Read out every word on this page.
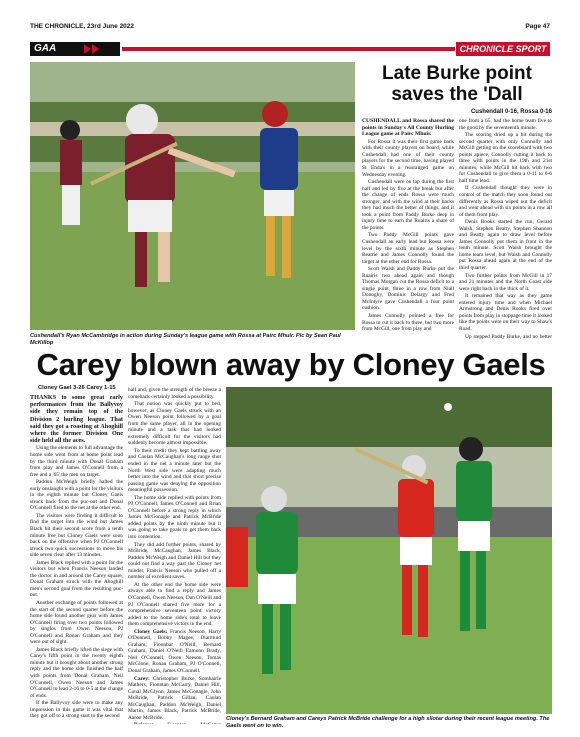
THE CHRONICLE, 23rd June 2022	Page 47
GAA	CHRONICLE SPORT
Cushendall's Ryan McCambridge in action during Sunday's league game with Rossa at Pairc Mhuir. Pic by Sean Paul McKillop
Late Burke point saves the 'Dall
Cushendall 0-16, Rossa 0-16

CUSHENDALL and Rossa shared the points in Sunday's All County Hurling League game at Pairc Mhuir.

For Rossa it was their first game back with their county players on board, while Cushendall had one of their county players for the second time, having played St Enda's in a rearranged game on Wednesday evening.

Cushendall were on top during the first half and led by five at the break but after the change of ends Rossa were much stronger, and with the wind at their backs they had much the better of things, and it took a point from Paddy Burke deep in injury time to earn the Ruairis a share of the points.

Two Paddy McGill points gave Cushendall an early lead but Rossa were level by the sixth minute as Stephen Beatrie and James Connolly found the target at the other end for Rossa.

Scott Walsh and Paddy Burke put the Ruairis two ahead again and though Thomas Morgan cut the Rossa deficit to a single point, three in a row from Niall Donoghy, Dominic Delargy and Fred McIntyre gave Cushendall a four point cushion.

James Connolly pointed a free for Rossa to cut it back to three, but two more from McGill, one from play and

one from a 65, had the home team five to the good by the seventeenth minute.

The scoring dried up a bit during the second quarter with only Connolly and McGill getting on the scoreboard with two points apiece, Connolly cutting it back to three with points in the 19th and 21st minutes, while McGill hit back with two for Cushendall to give them a 0-11 to 0-6 half time lead.

If Cushendall thought they were in control of the match they soon found out differently as Rossa wiped out the deficit and went ahead with six points in a row all of them from play.

Denis Rooks started the run, Gerard Walsh, Stephen Beatty, Stephen Shannon and Beatty again to draw level before James Connolly put them in front in the tenth minute. Scott Walsh brought the home team level, but Walsh and Connolly put Rossa ahead again at the end of the third quarter.

Two further points from McGill in 17 and 21 minutes and the North Coast side were right back in the thick of it.

It remained that way as they game entered injury time and when Michael Armstrong and Denis Rooks fired over points from play in stoppage time it looked like the points were on their way to Shaw's Road.

Up stepped Paddy Burke, and no better

Carey blown away by Cloney Gaels
Cloney Gael 3-26 Carey 1-15

THANKS to some great early performances from the Ballyvoy side they remain top of the Division 2 hurling league. That said they got a roasting at Ahoghill where the former Division One side held all the aces.

Using the elements to full advantage the home side went from at home point lead by the third minute with Donal Graham from play and James O'Connell from a free and a '65' the men on target.

Paddon McWeigh briefly halted the early onslaught with a point for the visitors in the eighth minute but Cloney Gaels struck back from the puc-out and Donal O'Connell fired to the net at the other end.

The visitors were finding it difficult to find the target into the wind but James Black hit their second score from a tenth minute free but Cloney Gaels were soon back on the offensive when PJ O'Connell struck two quick successions to move his side seven clear after 13 minutes.

James Black replied with a point for the visitors but when Francis Neeson landed the doctor in and around the Carey square, Donal Graham struck with the Ahoghill men's second goal from the resulting puc-out.

Another exchange of points followed at the start of the second quarter before the home side found another gear with James O'Connell firing over two points followed by singles from Owen Neeson, PJ O'Connell and Ronan Graham and they were out of sight.

James Black briefly lifted the siege with Carey's fifth point in the twenty eighth minute but it brought about another strong reply and the home side finished the half with points from Donal Graham, Neil O'Connell, Owen Neeson and James O'Connell to lead 2-16 to 0-5 at the change of ends.

If the Ballyvoy side were to make any impression in this game it was vital that they got off to a strong start to the second

half and, given the strength of the breeze a comeback certainly looked a possibility.

That notion was quickly put to bed, however, as Cloney Gaels struck with an Owen Neeson point followed by a goal from the same player, all in the opening minute and a task that had looked extremely difficult for the visitors had suddenly become almost impossible.

To their credit they kept battling away and Caolan McCaughan's long range shot ended in the net a minute later but the North West side were adapting much better into the wind and that short precise passing game was denying the opposition meaningful possession.

The home side replied with points from PJ O'Connell, James O'Connell and Brian O'Connell before a strong reply in which James McGonagle and Patrick McBride added points by the ninth minute but it was going to take goals to get them back into contention.

They did add further points, shared by McBride, McCaughan, James Black, Paddon McWeigh and Daniel Hill but they could not find a way past the Cloney net minder, Francis Neeson who pulled off a number of excellent saves.

At the other end the home side were always able to find a reply and James O'Connell, Owen Neeson, Dan O'Neill and PJ O'Connell shared five more for a comprehensive seventeen point victory added to the home side's total to leave them comprehensive victors in the end.

Cloney Gaels: Francis Neeson, Harry O'Donnell, Bobby Magee, Diarmuid Graham, Fionnbar O'Neill, Bernard Graham, Daniel O'Neill Eamonn Brady, Neil O'Connell, Owen Neeson, Tomas McGlone, Ronan Graham, PJ O'Connell, Donal Graham, James O'Connell.

Carey: Christopher Burke, Somhairle Mathers, Fionntan McCarry, Daniel Hill, Conal McGlynn, James McGonagle, John McBride, Patrick Gillan, Caolan McCaughan, Paddon McWeigh, Daniel Martin, James Black, Patrick McBride, Aaron McBride.	Cloney's Bernard Graham and Careys Patrick McBride challenge for a high sliotar during their recent league meeting. The Gaels went on to win.
